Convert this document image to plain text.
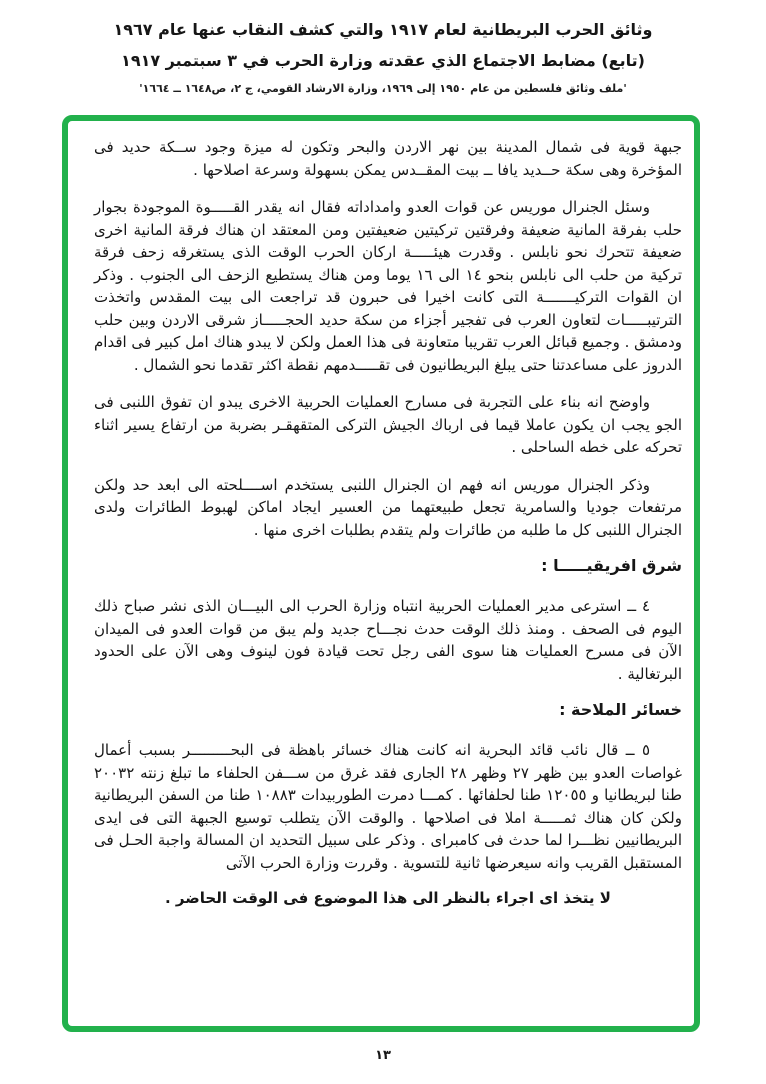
وثائق الحرب البريطانية لعام ١٩١٧ والتي كشف النقاب عنها عام ١٩٦٧
(تابع) مضابط الاجتماع الذي عقدته وزارة الحرب في ٣ سبتمبر ١٩١٧
'ملف وثائق فلسطين من عام ١٩٥٠ إلى ١٩٦٩، وزارة الارشاد القومي، ج ٢، ص١٦٤٨ ــ ١٦٦٤'

جبهة قوية فى شمال المدينة بين نهر الاردن والبحر وتكون له ميزة وجود ســكة حديد فى المؤخرة وهى سكة حــديد يافا ــ بيت المقــدس يمكن بسهولة وسرعة اصلاحها .

وسئل الجنرال موريس عن قوات العدو وامداداته فقال انه يقدر القـــــوة الموجودة بجوار حلب بفرقة المانية ضعيفة وفرقتين تركيتين ضعيفتين ومن المعتقد ان هناك فرقة المانية اخرى ضعيفة تتحرك نحو نابلس . وقدرت هيئـــــة اركان الحرب الوقت الذى يستغرقه زحف فرقة تركية من حلب الى نابلس بنحو ١٤ الى ١٦ يوما ومن هناك يستطيع الزحف الى الجنوب . وذكر ان القوات التركيـــــــة التى كانت اخيرا فى حبرون قد تراجعت الى بيت المقدس واتخذت الترتيبـــــات لتعاون العرب فى تفجير أجزاء من سكة حديد الحجـــــاز شرقى الاردن وبين حلب ودمشق . وجميع قبائل العرب تقريبا متعاونة فى هذا العمل ولكن لا يبدو هناك امل كبير فى اقدام الدروز على مساعدتنا حتى يبلغ البريطانيون فى تقـــــدمهم نقطة اكثر تقدما نحو الشمال .

واوضح انه بناء على التجربة فى مسارح العمليات الحربية الاخرى يبدو ان تفوق اللنبى فى الجو يجب ان يكون عاملا قيما فى ارباك الجيش التركى المتقهقـر بضربة من ارتفاع يسير اثناء تحركه على خطه الساحلى .

وذكر الجنرال موريس انه فهم ان الجنرال اللنبى يستخدم اســــلحته الى ابعد حد ولكن مرتفعات جوديا والسامرية تجعل طبيعتهما من العسير ايجاد اماكن لهبوط الطائرات ولدى الجنرال اللنبى كل ما طلبه من طائرات ولم يتقدم بطلبات اخرى منها .

شرق افريقيـــــا :

٤ ــ استرعى مدير العمليات الحربية انتباه وزارة الحرب الى البيـــان الذى نشر صباح ذلك اليوم فى الصحف . ومنذ ذلك الوقت حدث نجـــاح جديد ولم يبق من قوات العدو فى الميدان الآن فى مسرح العمليات هنا سوى الفى رجل تحت قيادة فون لينوف وهى الآن على الحدود البرتغالية .

خسائر الملاحة :

٥ ــ قال نائب قائد البحرية انه كانت هناك خسائر باهظة فى البحـــــــــر بسبب أعمال غواصات العدو بين ظهر ٢٧ وظهر ٢٨ الجارى فقد غرق من ســـفن الحلفاء ما تبلغ زنته ٢٠٠٣٢ طنا لبريطانيا و ١٢٠٥٥ طنا لحلفائها . كمـــا دمرت الطوربيدات ١٠٨٨٣ طنا من السفن البريطانية ولكن كان هناك ثمـــــة املا فى اصلاحها . والوقت الآن يتطلب توسيع الجبهة التى فى ايدى البريطانيين نظـــرا لما حدث فى كامبراى . وذكر على سبيل التحديد ان المسالة واجبة الحـل فى المستقبل القريب وانه سيعرضها ثانية للتسوية . وقررت وزارة الحرب الآتى

لا يتخذ اى اجراء بالنظر الى هذا الموضوع فى الوقت الحاضر .

١٣
